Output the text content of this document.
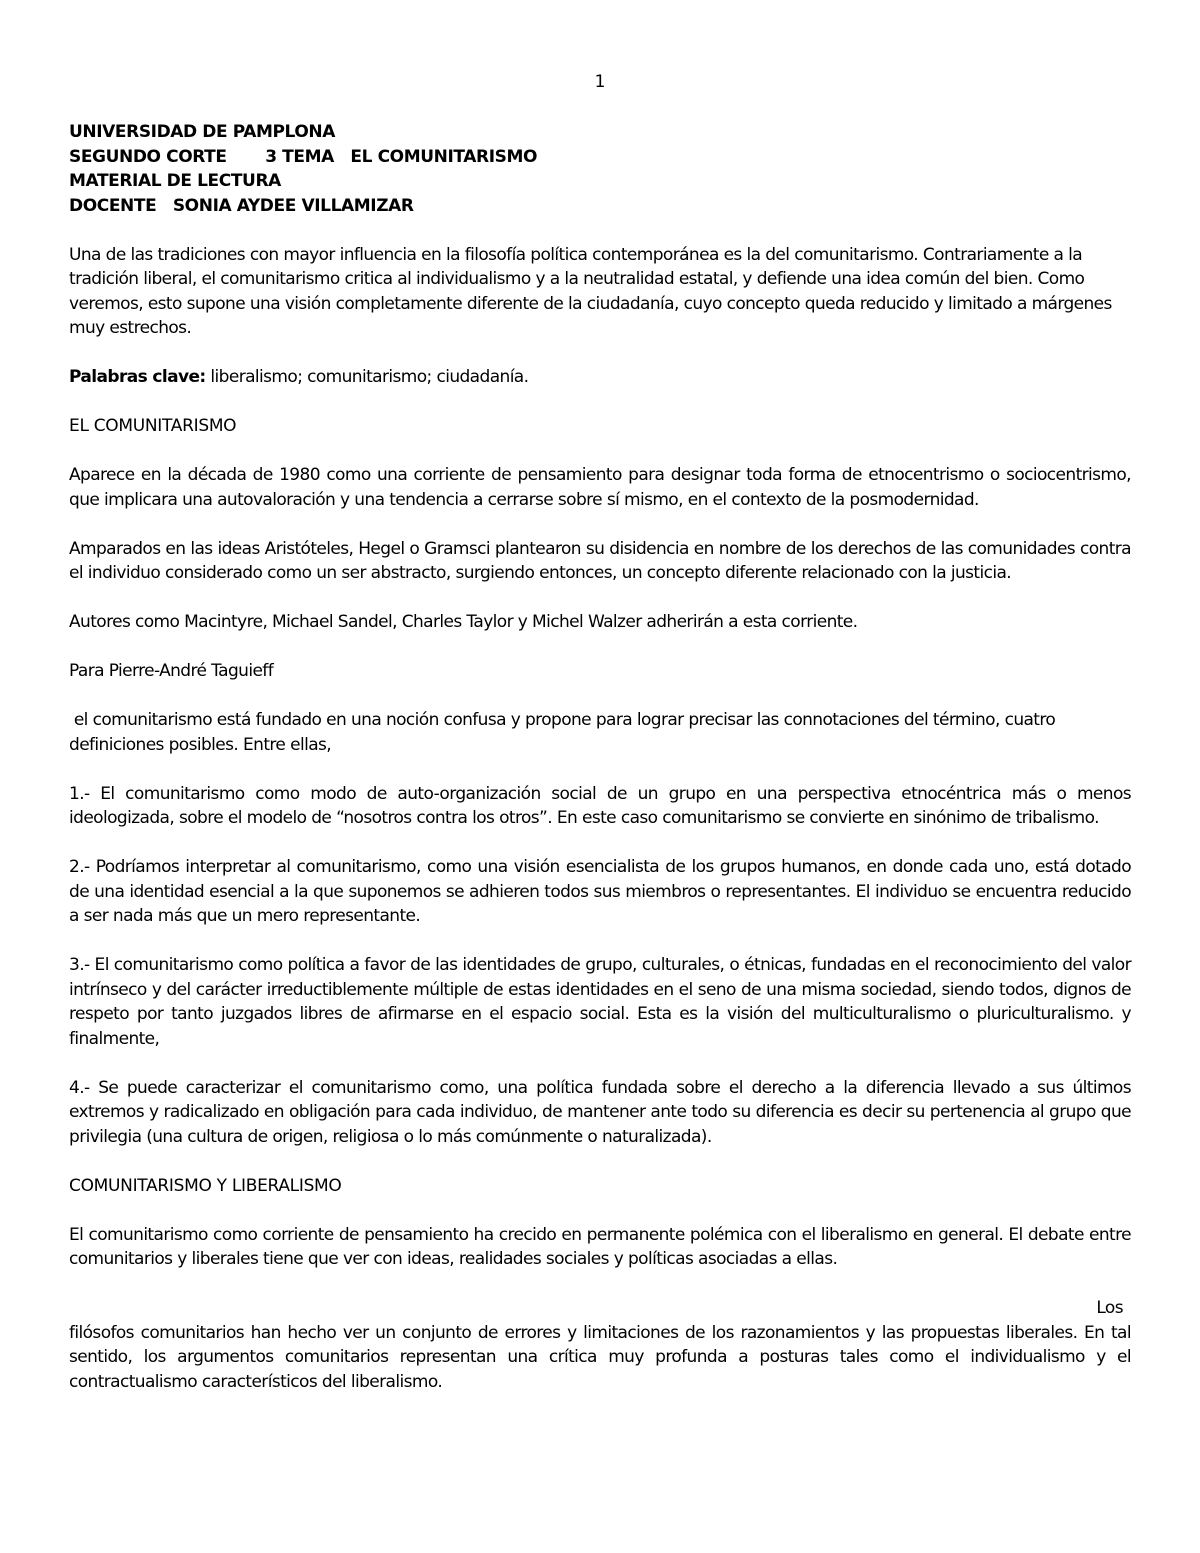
1
UNIVERSIDAD DE PAMPLONA
SEGUNDO CORTE       3 TEMA   EL COMUNITARISMO
MATERIAL DE LECTURA
DOCENTE   SONIA AYDEE VILLAMIZAR

Una de las tradiciones con mayor influencia en la filosofía política contemporánea es la del comunitarismo. Contrariamente a la tradición liberal, el comunitarismo critica al individualismo y a la neutralidad estatal, y defiende una idea común del bien. Como veremos, esto supone una visión completamente diferente de la ciudadanía, cuyo concepto queda reducido y limitado a márgenes muy estrechos.

Palabras clave: liberalismo; comunitarismo; ciudadanía.

EL COMUNITARISMO

Aparece en la década de 1980 como una corriente de pensamiento para designar toda forma de etnocentrismo o sociocentrismo, que implicara una autovaloración y una tendencia a cerrarse sobre sí mismo, en el contexto de la posmodernidad.

Amparados en las ideas Aristóteles, Hegel o Gramsci plantearon su disidencia en nombre de los derechos de las comunidades contra el individuo considerado como un ser abstracto, surgiendo entonces, un concepto diferente relacionado con la justicia.

Autores como Macintyre, Michael Sandel, Charles Taylor y Michel Walzer adherirán a esta corriente.

Para Pierre-André Taguieff

el comunitarismo está fundado en una noción confusa y propone para lograr precisar las connotaciones del término, cuatro definiciones posibles. Entre ellas,

1.- El comunitarismo como modo de auto-organización social de un grupo en una perspectiva etnocéntrica más o menos ideologizada, sobre el modelo de “nosotros contra los otros”. En este caso comunitarismo se convierte en sinónimo de tribalismo.

2.- Podríamos interpretar al comunitarismo, como una visión esencialista de los grupos humanos, en donde cada uno, está dotado de una identidad esencial a la que suponemos se adhieren todos sus miembros o representantes. El individuo se encuentra reducido a ser nada más que un mero representante.

3.- El comunitarismo como política a favor de las identidades de grupo, culturales, o étnicas, fundadas en el reconocimiento del valor intrínseco y del carácter irreductiblemente múltiple de estas identidades en el seno de una misma sociedad, siendo todos, dignos de respeto por tanto juzgados libres de afirmarse en el espacio social. Esta es la visión del multiculturalismo o pluriculturalismo. y finalmente,

4.- Se puede caracterizar el comunitarismo como, una política fundada sobre el derecho a la diferencia llevado a sus últimos extremos y radicalizado en obligación para cada individuo, de mantener ante todo su diferencia es decir su pertenencia al grupo que privilegia (una cultura de origen, religiosa o lo más comúnmente o naturalizada).

COMUNITARISMO Y LIBERALISMO

El comunitarismo como corriente de pensamiento ha crecido en permanente polémica con el liberalismo en general. El debate entre comunitarios y liberales tiene que ver con ideas, realidades sociales y políticas asociadas a ellas.

Los

filósofos comunitarios han hecho ver un conjunto de errores y limitaciones de los razonamientos y las propuestas liberales. En tal sentido, los argumentos comunitarios representan una crítica muy profunda a posturas tales como el individualismo y el contractualismo característicos del liberalismo.
